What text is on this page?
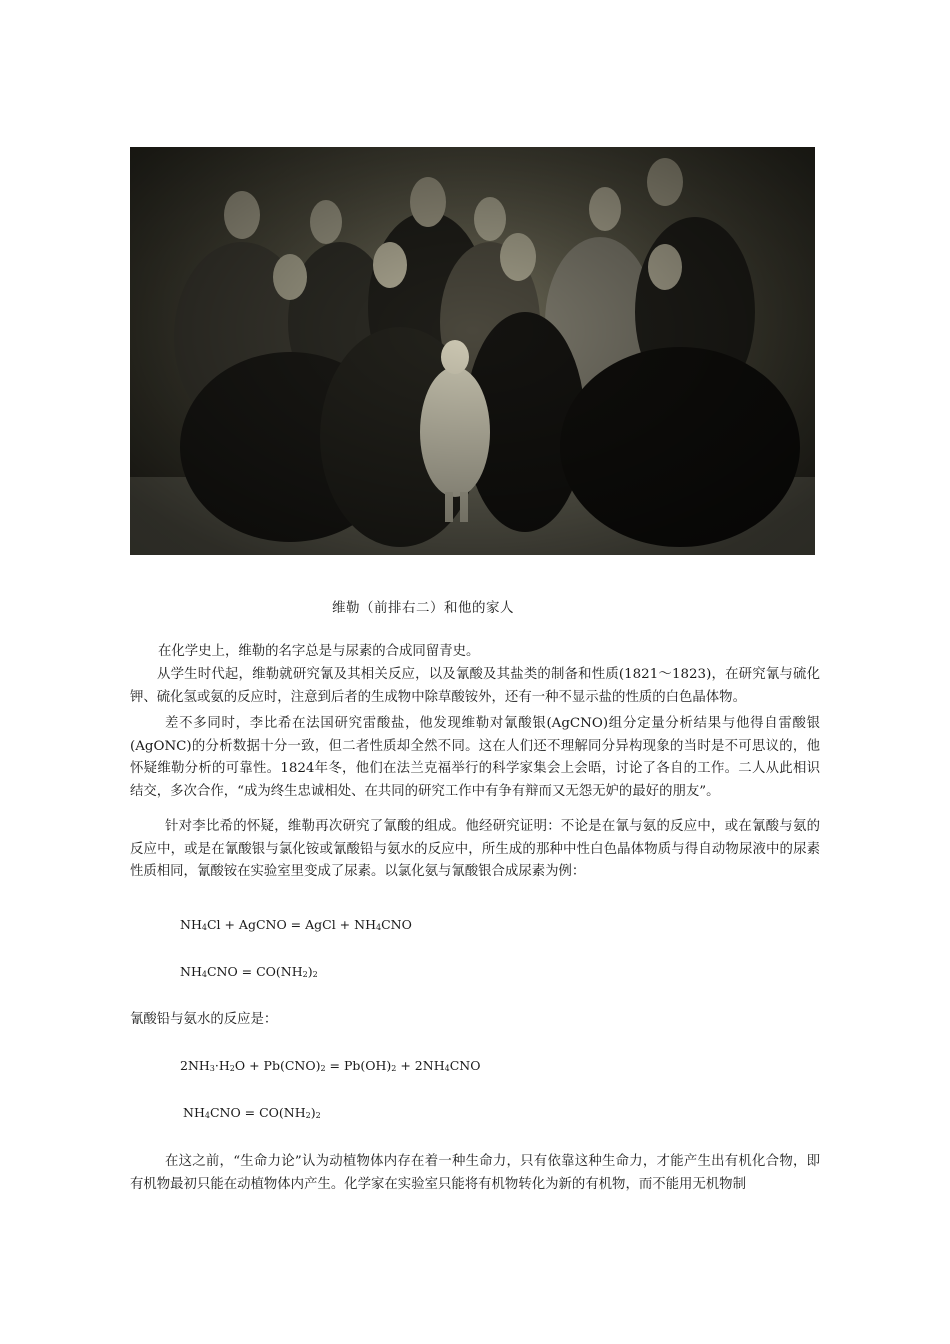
维勒（前排右二）和他的家人

在化学史上，维勒的名字总是与尿素的合成同留青史。

从学生时代起，维勒就研究氰及其相关反应，以及氰酸及其盐类的制备和性质(1821～1823)，在研究氰与硫化钾、硫化氢或氨的反应时，注意到后者的生成物中除草酸铵外，还有一种不显示盐的性质的白色晶体物。

差不多同时，李比希在法国研究雷酸盐，他发现维勒对氰酸银(AgCNO)组分定量分析结果与他得自雷酸银(AgONC)的分析数据十分一致，但二者性质却全然不同。这在人们还不理解同分异构现象的当时是不可思议的，他怀疑维勒分析的可靠性。1824年冬，他们在法兰克福举行的科学家集会上会晤，讨论了各自的工作。二人从此相识结交，多次合作，“成为终生忠诚相处、在共同的研究工作中有争有辩而又无怨无妒的最好的朋友”。

针对李比希的怀疑，维勒再次研究了氰酸的组成。他经研究证明：不论是在氰与氨的反应中，或在氰酸与氨的反应中，或是在氰酸银与氯化铵或氰酸铅与氨水的反应中，所生成的那种中性白色晶体物质与得自动物尿液中的尿素性质相同，氰酸铵在实验室里变成了尿素。以氯化氨与氰酸银合成尿素为例：

$NH_4Cl$ + AgCNO = AgCl + $NH_4CNO$
$NH_4CNO = CO(NH_2)_2$

氰酸铅与氨水的反应是：

$2NH_3\cdot H_2O + Pb(CNO)_2 = Pb(OH)_2 + 2NH_4CNO$
$NH_4CNO = CO(NH_2)_2$

在这之前，“生命力论”认为动植物体内存在着一种生命力，只有依靠这种生命力，才能产生出有机化合物，即有机物最初只能在动植物体内产生。化学家在实验室只能将有机物转化为新的有机物，而不能用无机物制
